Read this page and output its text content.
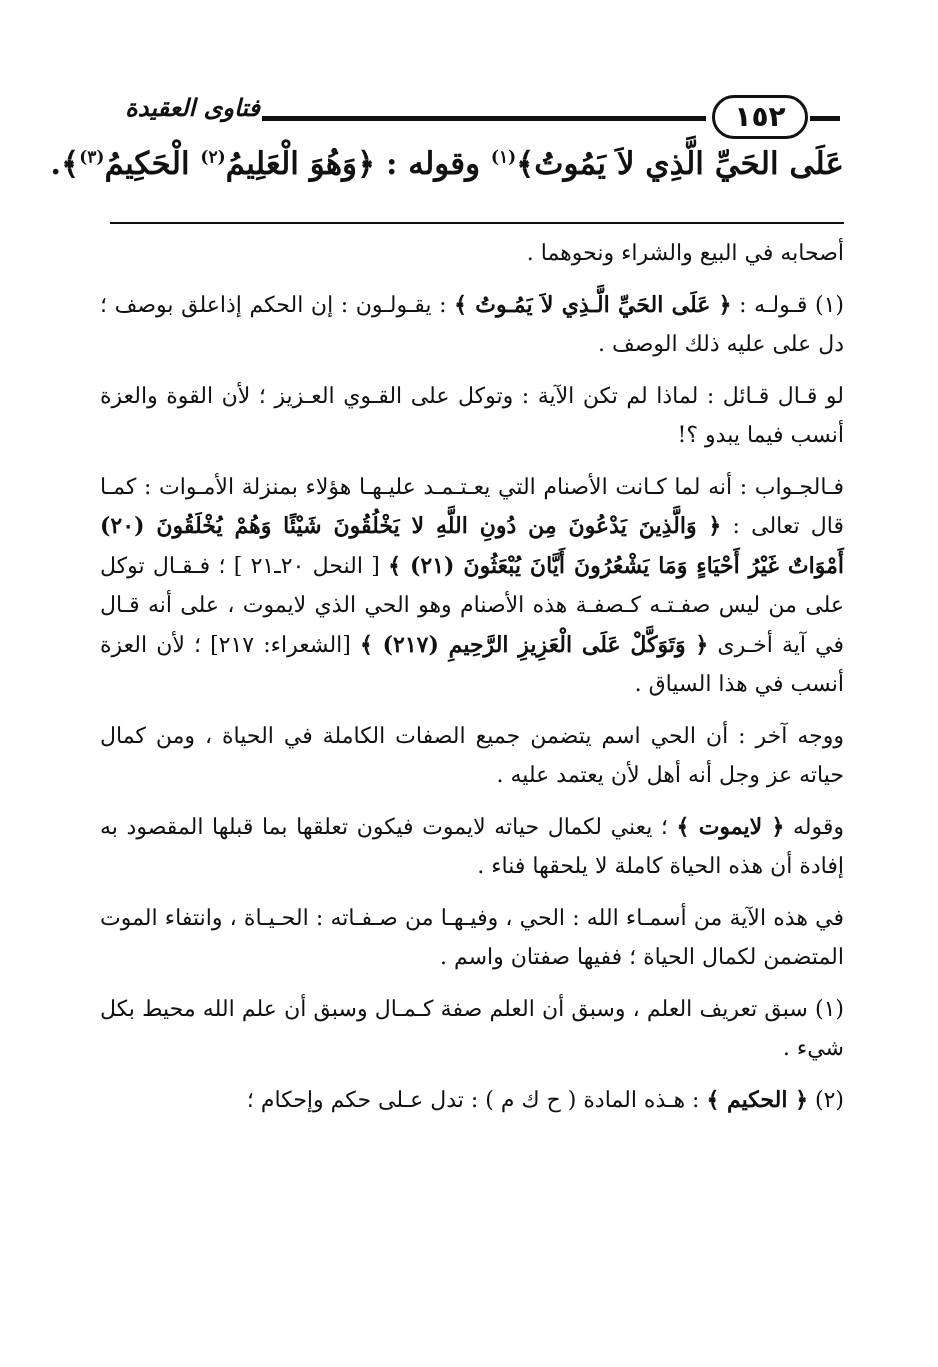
فتاوى العقيدة	١٥٢
عَلَى الحَيِّ الَّذِي لاَ يَمُوتُ﴾$^{(١)}$ وقوله : ﴿وَهُوَ الْعَلِيمُ$^{(٢)}$ الْحَكِيمُ$^{(٣)}$﴾.

أصحابه في البيع والشراء ونحوهما .

(١) قـولـه : ﴿ عَلَى الحَيِّ الَّـذِي لاَ يَمُـوتُ ﴾ : يقـولـون : إن الحكم إذاعلق بوصف ؛ دل على عليه ذلك الوصف .

لو قـال قـائل : لماذا لم تكن الآية : وتوكل على القـوي العـزيز ؛ لأن القوة والعزة أنسب فيما يبدو ؟!

فـالجـواب : أنه لما كـانت الأصنام التي يعـتـمـد عليـهـا هؤلاء بمنزلة الأمـوات : كمـا قال تعالى : ﴿ وَالَّذِينَ يَدْعُونَ مِن دُونِ اللَّهِ لا يَخْلُقُونَ شَيْئًا وَهُمْ يُخْلَقُونَ (٢٠) أَمْوَاتٌ غَيْرُ أَحْيَاءٍ وَمَا يَشْعُرُونَ أَيَّانَ يُبْعَثُونَ (٢١) ﴾ [ النحل ٢٠ـ٢١ ] ؛ فـقـال توكل على من ليس صفـتـه كـصفـة هذه الأصنام وهو الحي الذي لايموت ، على أنه قـال في آية أخـرى ﴿ وَتَوَكَّلْ عَلَى الْعَزِيزِ الرَّحِيمِ (٢١٧) ﴾ [الشعراء: ٢١٧] ؛ لأن العزة أنسب في هذا السياق .

ووجه آخر : أن الحي اسم يتضمن جميع الصفات الكاملة في الحياة ، ومن كمال حياته عز وجل أنه أهل لأن يعتمد عليه .

وقوله ﴿ لايموت ﴾ ؛ يعني لكمال حياته لايموت فيكون تعلقها بما قبلها المقصود به إفادة أن هذه الحياة كاملة لا يلحقها فناء .

في هذه الآية من أسمـاء الله : الحي ، وفيـهـا من صـفـاته : الحـيـاة ، وانتفاء الموت المتضمن لكمال الحياة ؛ ففيها صفتان واسم .

(١) سبق تعريف العلم ، وسبق أن العلم صفة كـمـال وسبق أن علم الله محيط بكل شيء .

(٢) ﴿ الحكيم ﴾ : هـذه المادة ( ح ك م ) : تدل عـلى حكم وإحكام ؛
